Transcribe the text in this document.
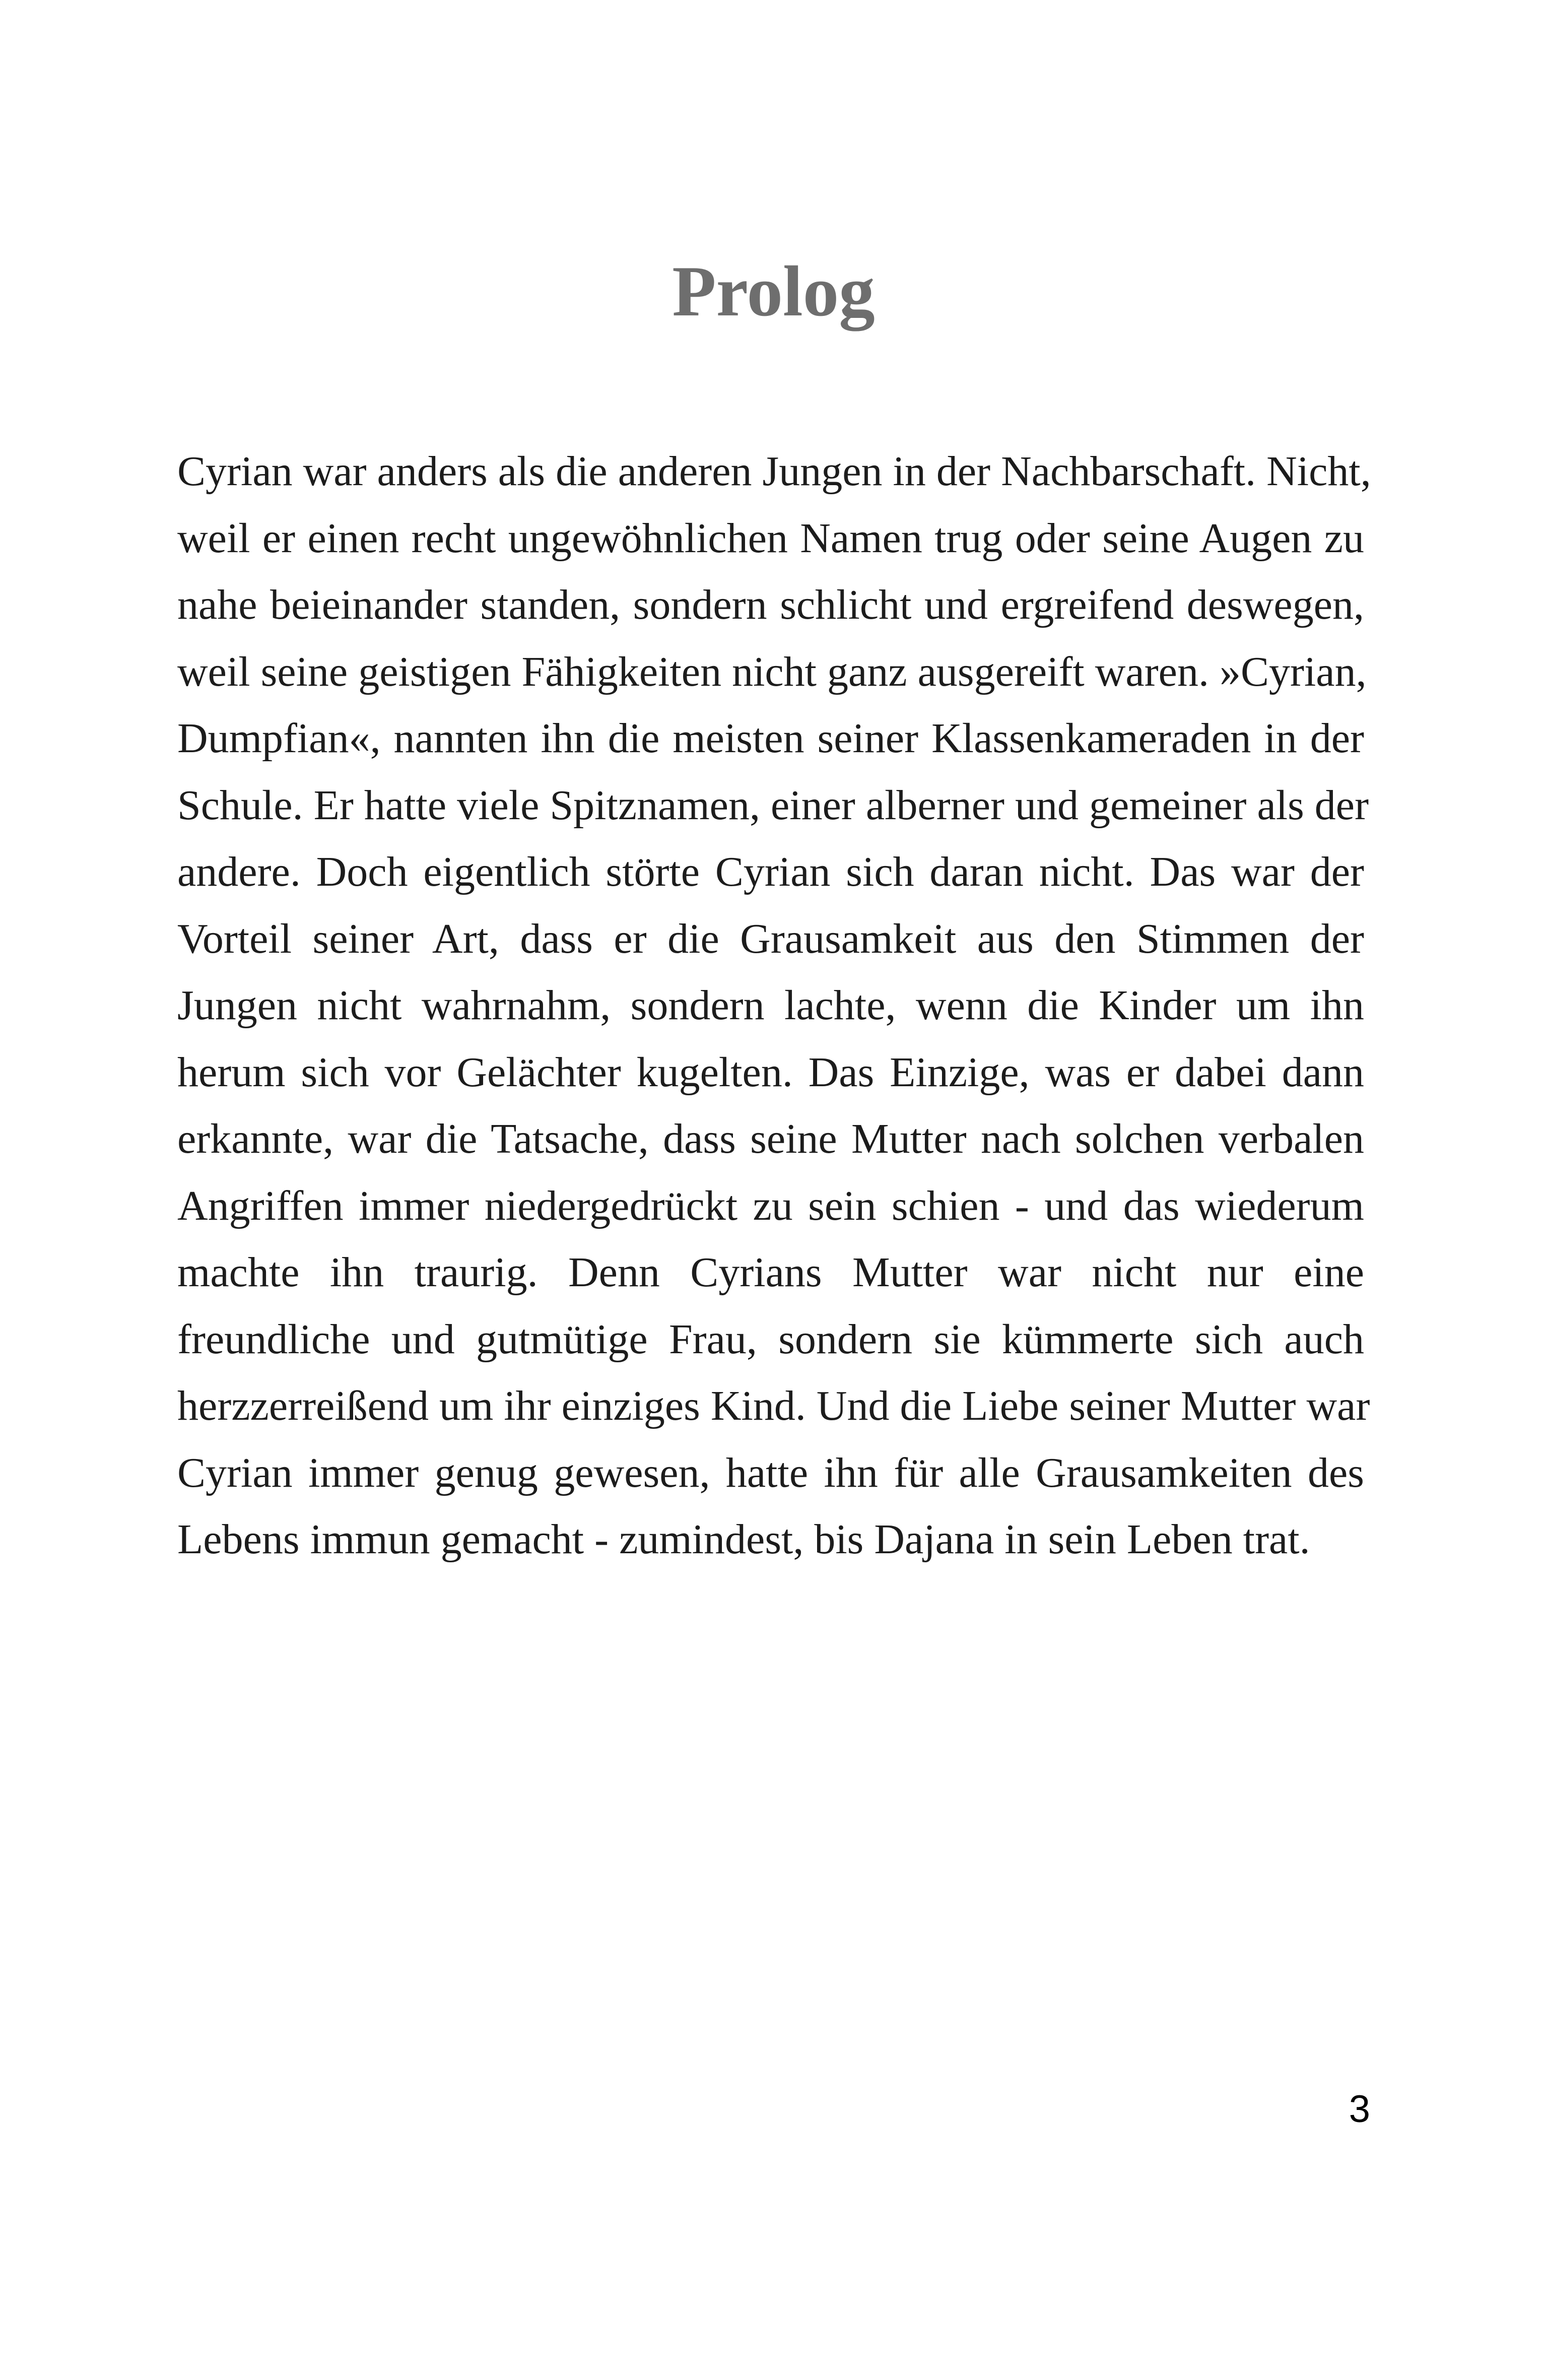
Prolog
Cyrian war anders als die anderen Jungen in der Nachbarschaft. Nicht,
weil er einen recht ungewöhnlichen Namen trug oder seine Augen zu
nahe beieinander standen, sondern schlicht und ergreifend deswegen,
weil seine geistigen Fähigkeiten nicht ganz ausgereift waren. »Cyrian,
Dumpfian«, nannten ihn die meisten seiner Klassenkameraden in der
Schule. Er hatte viele Spitznamen, einer alberner und gemeiner als der
andere. Doch eigentlich störte Cyrian sich daran nicht. Das war der
Vorteil seiner Art, dass er die Grausamkeit aus den Stimmen der
Jungen nicht wahrnahm, sondern lachte, wenn die Kinder um ihn
herum sich vor Gelächter kugelten. Das Einzige, was er dabei dann
erkannte, war die Tatsache, dass seine Mutter nach solchen verbalen
Angriffen immer niedergedrückt zu sein schien - und das wiederum
machte ihn traurig. Denn Cyrians Mutter war nicht nur eine
freundliche und gutmütige Frau, sondern sie kümmerte sich auch
herzzerreißend um ihr einziges Kind. Und die Liebe seiner Mutter war
Cyrian immer genug gewesen, hatte ihn für alle Grausamkeiten des
Lebens immun gemacht - zumindest, bis Dajana in sein Leben trat.
3
